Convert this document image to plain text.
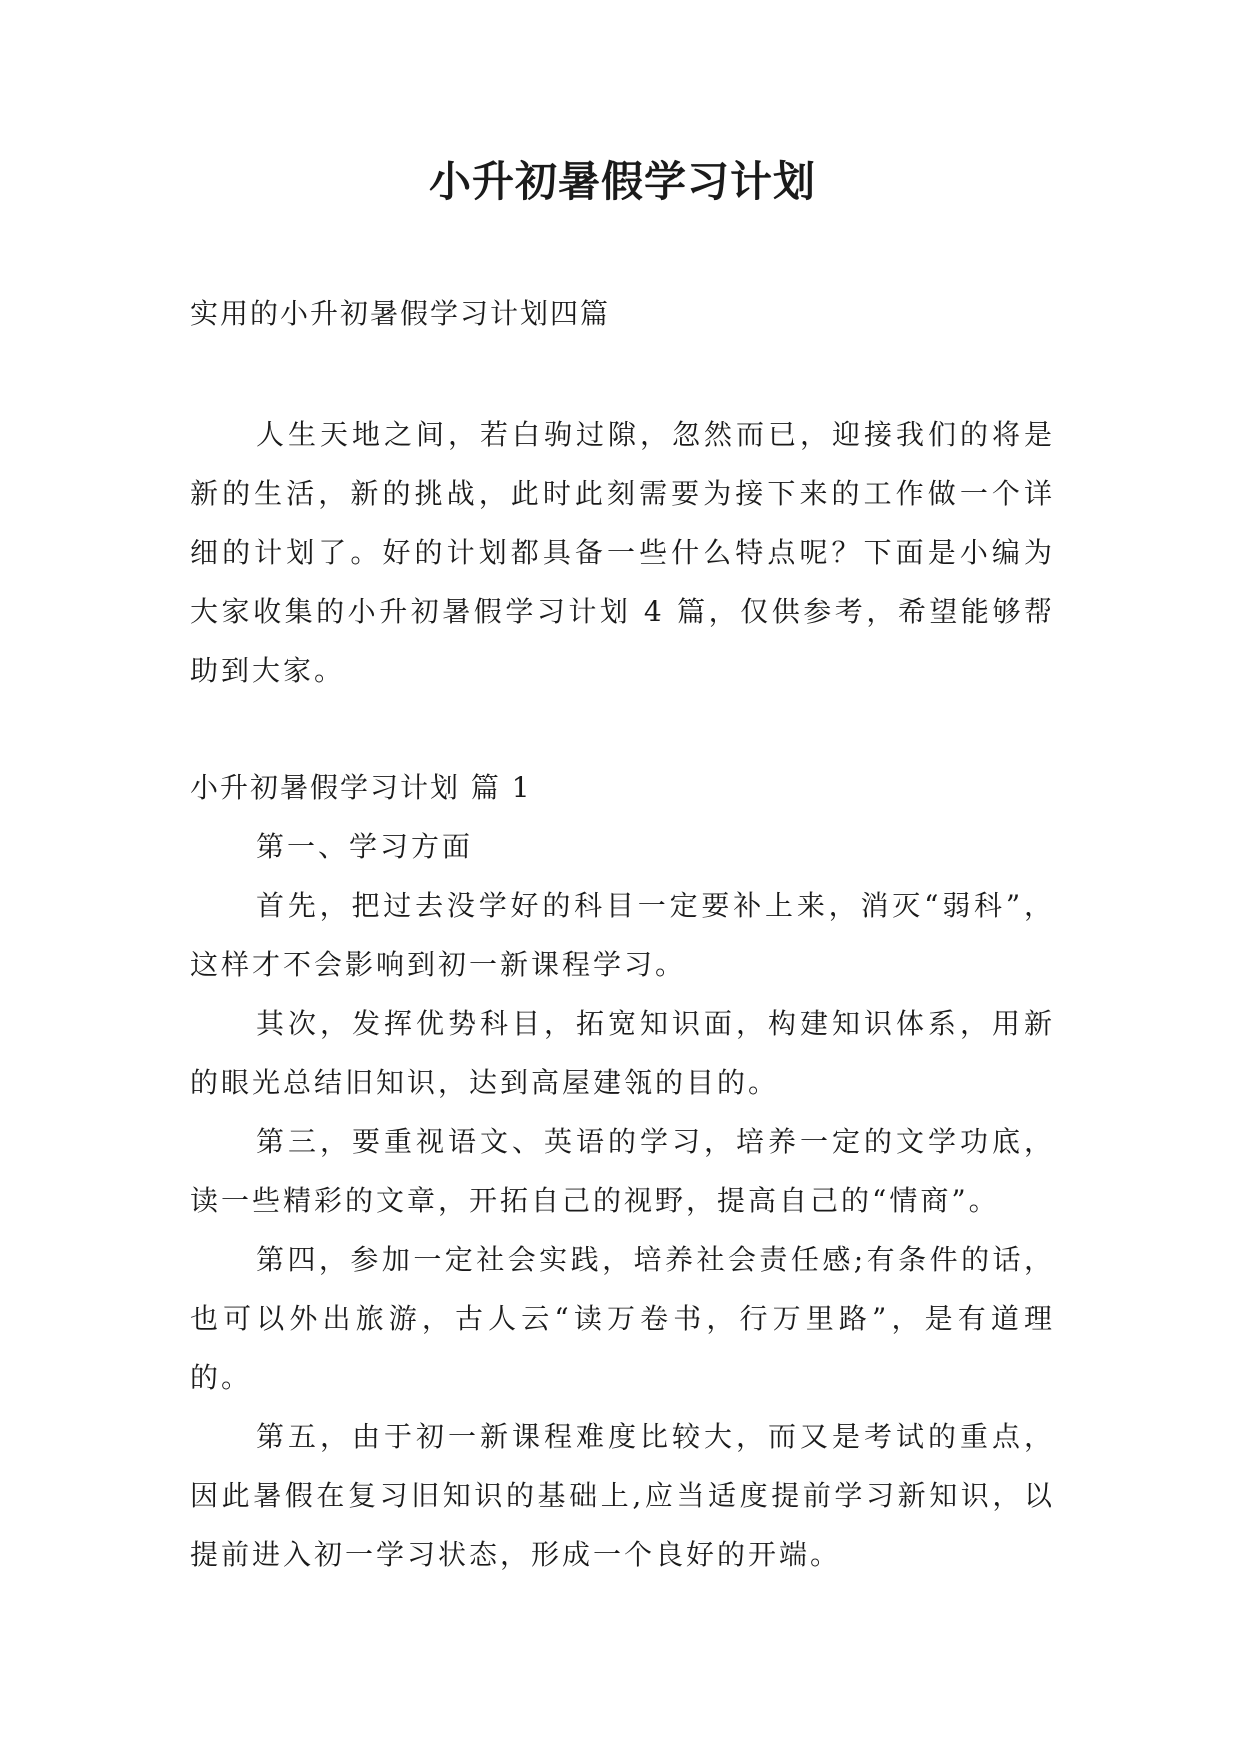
小升初暑假学习计划

实用的小升初暑假学习计划四篇

人生天地之间，若白驹过隙，忽然而已，迎接我们的将是新的生活，新的挑战，此时此刻需要为接下来的工作做一个详细的计划了。好的计划都具备一些什么特点呢？下面是小编为大家收集的小升初暑假学习计划 4 篇，仅供参考，希望能够帮助到大家。

小升初暑假学习计划 篇 1

第一、学习方面

首先，把过去没学好的科目一定要补上来，消灭“弱科”，这样才不会影响到初一新课程学习。

其次，发挥优势科目，拓宽知识面，构建知识体系，用新的眼光总结旧知识，达到高屋建瓴的目的。

第三，要重视语文、英语的学习，培养一定的文学功底，读一些精彩的文章，开拓自己的视野，提高自己的“情商”。

第四，参加一定社会实践，培养社会责任感;有条件的话，也可以外出旅游，古人云“读万卷书，行万里路”，是有道理的。

第五，由于初一新课程难度比较大，而又是考试的重点，因此暑假在复习旧知识的基础上,应当适度提前学习新知识，以提前进入初一学习状态，形成一个良好的开端。
